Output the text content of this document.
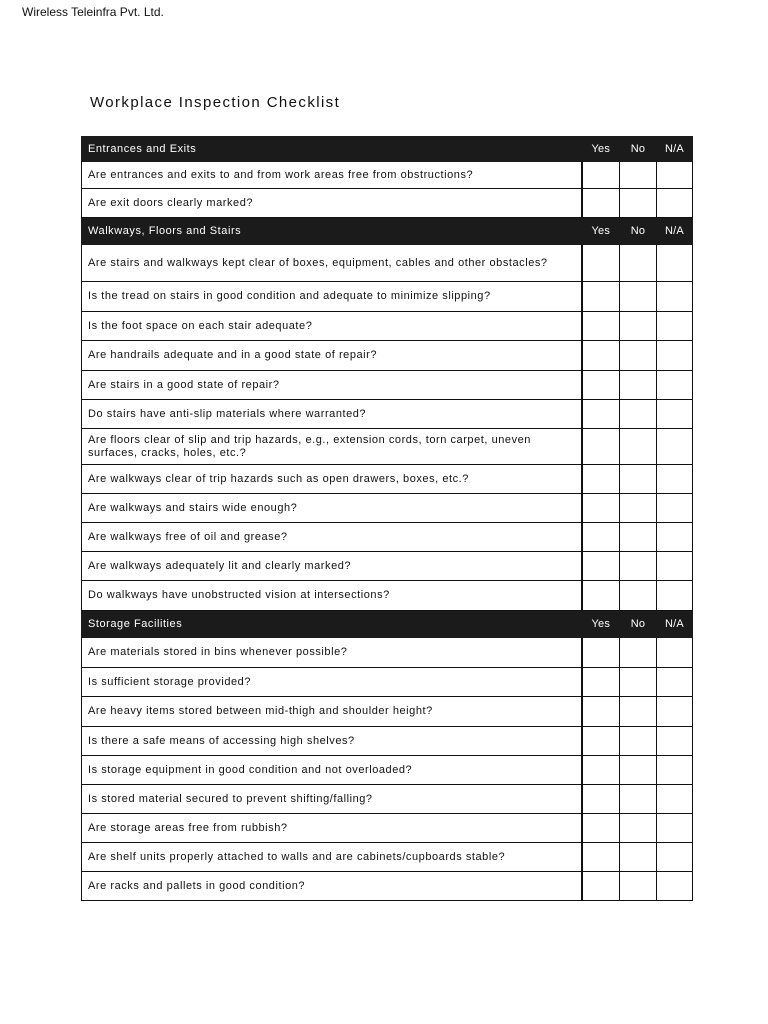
Wireless Teleinfra Pvt. Ltd.
Workplace Inspection Checklist
Entrances and Exits	Yes	No	N/A
Are entrances and exits to and from work areas free from obstructions?			
Are exit doors clearly marked?			
Walkways, Floors and Stairs	Yes	No	N/A
Are stairs and walkways kept clear of boxes, equipment, cables and other obstacles?			
Is the tread on stairs in good condition and adequate to minimize slipping?			
Is the foot space on each stair adequate?			
Are handrails adequate and in a good state of repair?			
Are stairs in a good state of repair?			
Do stairs have anti-slip materials where warranted?			
Are floors clear of slip and trip hazards, e.g., extension cords, torn carpet, uneven surfaces, cracks, holes, etc.?			
Are walkways clear of trip hazards such as open drawers, boxes, etc.?			
Are walkways and stairs wide enough?			
Are walkways free of oil and grease?			
Are walkways adequately lit and clearly marked?			
Do walkways have unobstructed vision at intersections?			
Storage Facilities	Yes	No	N/A
Are materials stored in bins whenever possible?			
Is sufficient storage provided?			
Are heavy items stored between mid-thigh and shoulder height?			
Is there a safe means of accessing high shelves?			
Is storage equipment in good condition and not overloaded?			
Is stored material secured to prevent shifting/falling?			
Are storage areas free from rubbish?			
Are shelf units properly attached to walls and are cabinets/cupboards stable?			
Are racks and pallets in good condition?			
